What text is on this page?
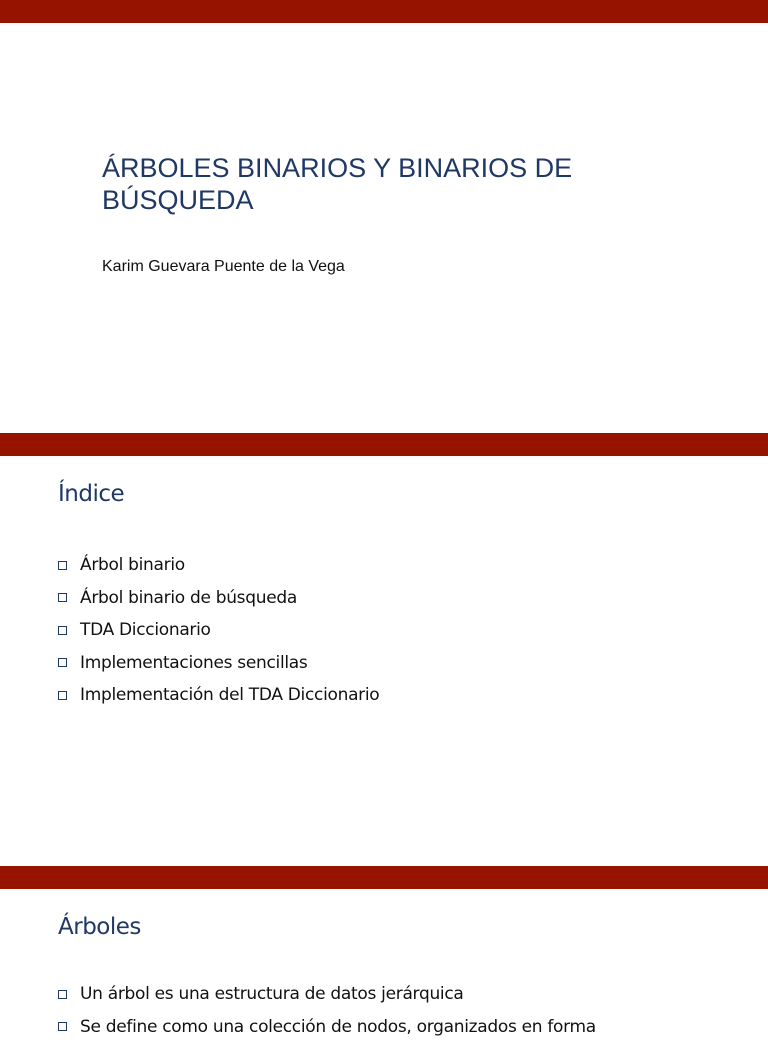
ÁRBOLES BINARIOS Y BINARIOS DE BÚSQUEDA

Karim Guevara Puente de la Vega

Índice
Árbol binario
Árbol binario de búsqueda
TDA Diccionario
Implementaciones sencillas
Implementación del TDA Diccionario
Árboles
Un árbol es una estructura de datos jerárquica
Se define como una colección de nodos, organizados en forma
